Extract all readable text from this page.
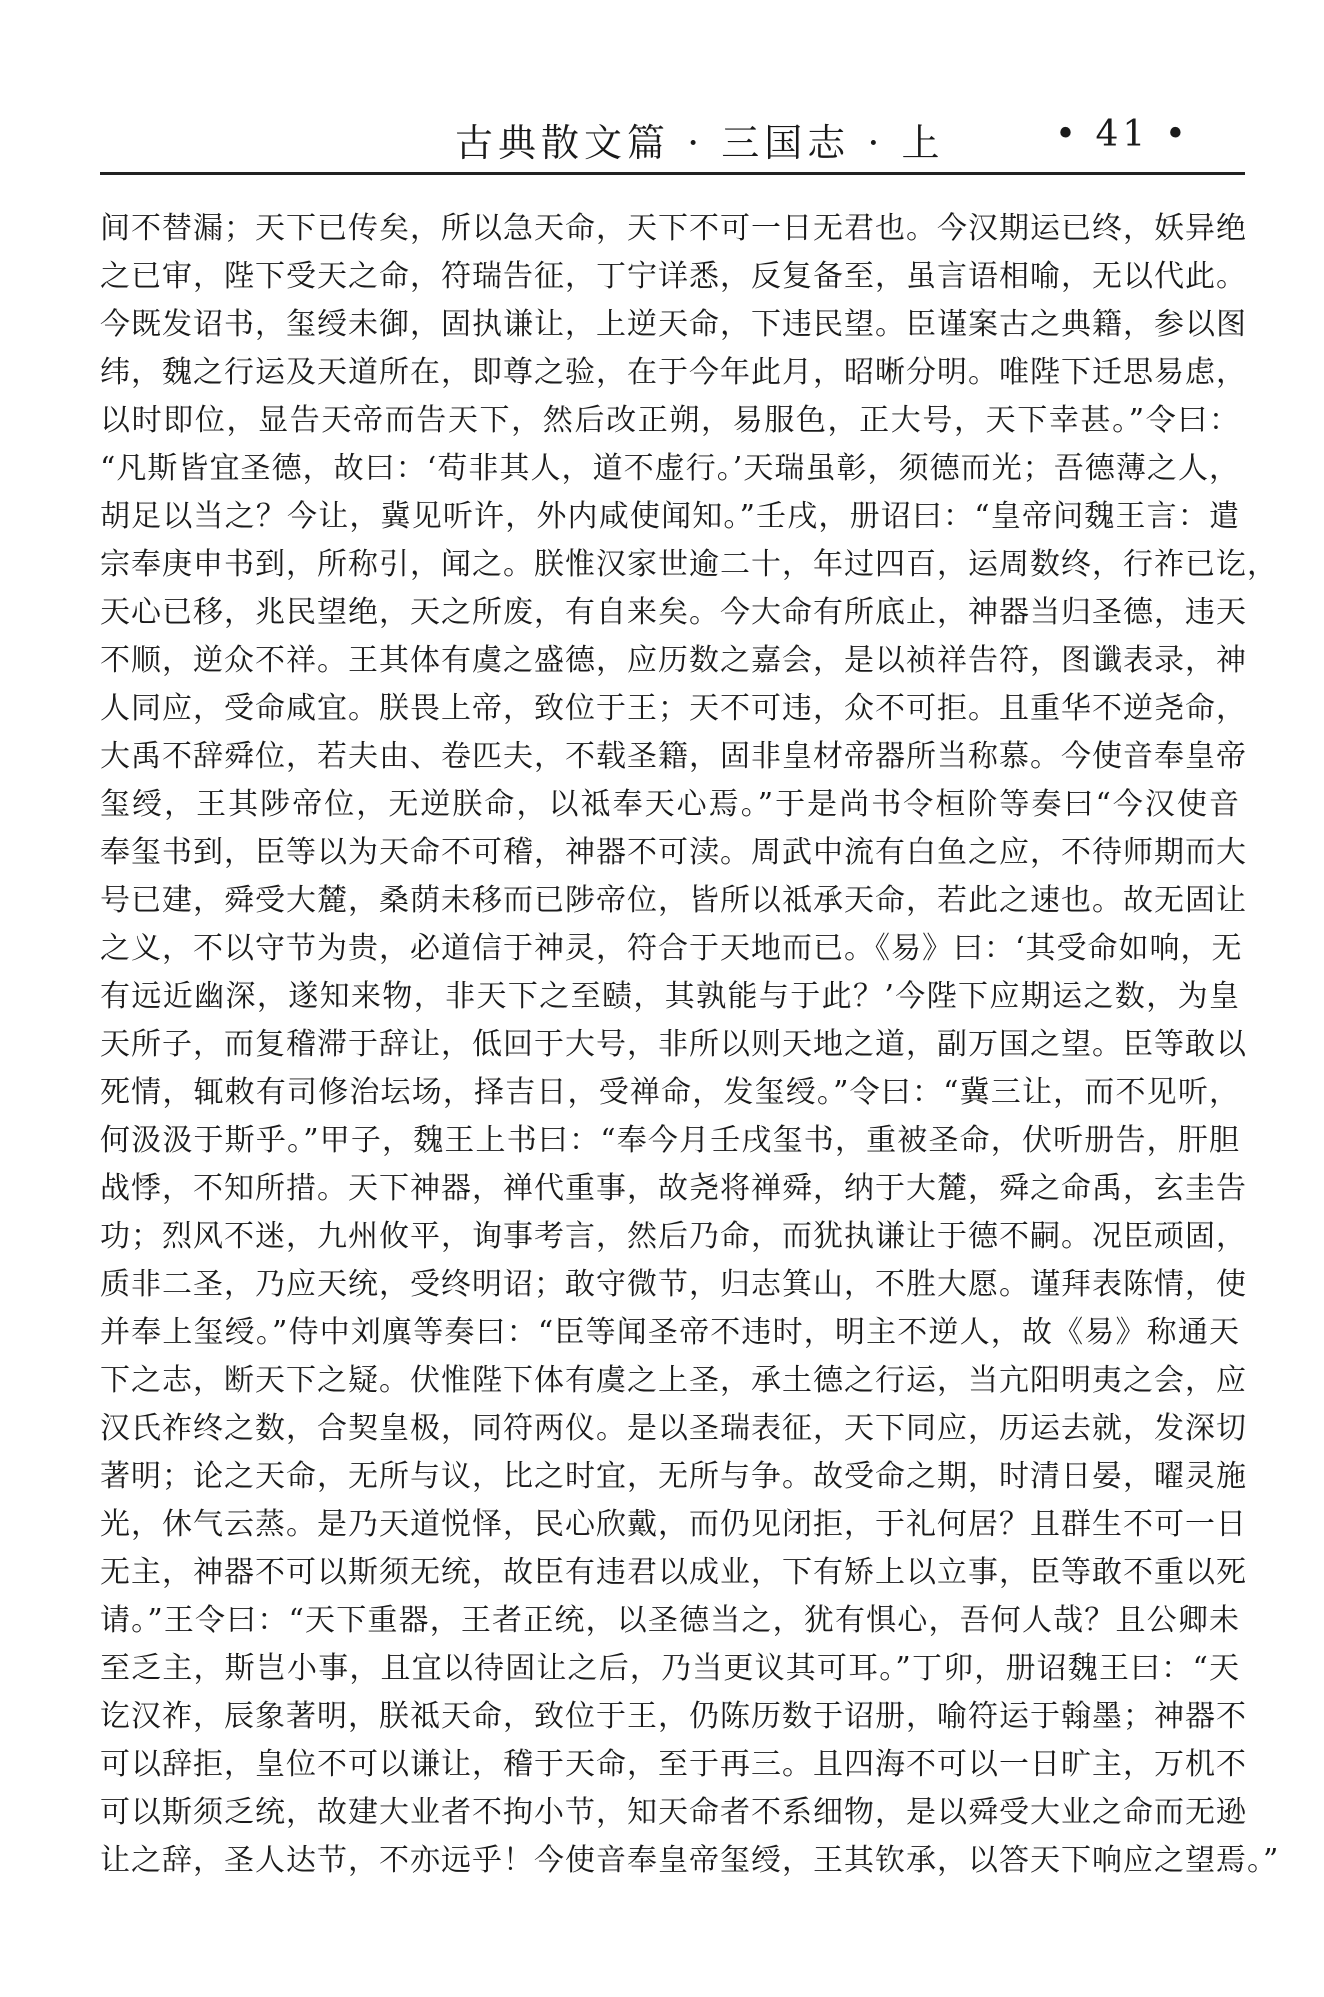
古典散文篇 · 三国志 · 上	• 41 •
间不替漏；天下已传矣，所以急天命，天下不可一日无君也。今汉期运已终，妖异绝
之已审，陛下受天之命，符瑞告征，丁宁详悉，反复备至，虽言语相喻，无以代此。
今既发诏书，玺绶未御，固执谦让，上逆天命，下违民望。臣谨案古之典籍，参以图
纬，魏之行运及天道所在，即尊之验，在于今年此月，昭晰分明。唯陛下迁思易虑，
以时即位，显告天帝而告天下，然后改正朔，易服色，正大号，天下幸甚。”令曰：
“凡斯皆宜圣德，故曰：‘苟非其人，道不虚行。’天瑞虽彰，须德而光；吾德薄之人，
胡足以当之？今让，冀见听许，外内咸使闻知。”壬戌，册诏曰：“皇帝问魏王言：遣
宗奉庚申书到，所称引，闻之。朕惟汉家世逾二十，年过四百，运周数终，行祚已讫，
天心已移，兆民望绝，天之所废，有自来矣。今大命有所底止，神器当归圣德，违天
不顺，逆众不祥。王其体有虞之盛德，应历数之嘉会，是以祯祥告符，图谶表录，神
人同应，受命咸宜。朕畏上帝，致位于王；天不可违，众不可拒。且重华不逆尧命，
大禹不辞舜位，若夫由、卷匹夫，不载圣籍，固非皇材帝器所当称慕。今使音奉皇帝
玺绶，王其陟帝位，无逆朕命，以祗奉天心焉。”于是尚书令桓阶等奏曰“今汉使音
奉玺书到，臣等以为天命不可稽，神器不可渎。周武中流有白鱼之应，不待师期而大
号已建，舜受大麓，桑荫未移而已陟帝位，皆所以祗承天命，若此之速也。故无固让
之义，不以守节为贵，必道信于神灵，符合于天地而已。《易》曰：‘其受命如响，无
有远近幽深，遂知来物，非天下之至赜，其孰能与于此？’今陛下应期运之数，为皇
天所子，而复稽滞于辞让，低回于大号，非所以则天地之道，副万国之望。臣等敢以
死情，辄敕有司修治坛场，择吉日，受禅命，发玺绶。”令曰：“冀三让，而不见听，
何汲汲于斯乎。”甲子，魏王上书曰：“奉今月壬戌玺书，重被圣命，伏听册告，肝胆
战悸，不知所措。天下神器，禅代重事，故尧将禅舜，纳于大麓，舜之命禹，玄圭告
功；烈风不迷，九州攸平，询事考言，然后乃命，而犹执谦让于德不嗣。况臣顽固，
质非二圣，乃应天统，受终明诏；敢守微节，归志箕山，不胜大愿。谨拜表陈情，使
并奉上玺绶。”侍中刘廙等奏曰：“臣等闻圣帝不违时，明主不逆人，故《易》称通天
下之志，断天下之疑。伏惟陛下体有虞之上圣，承土德之行运，当亢阳明夷之会，应
汉氏祚终之数，合契皇极，同符两仪。是以圣瑞表征，天下同应，历运去就，发深切
著明；论之天命，无所与议，比之时宜，无所与争。故受命之期，时清日晏，曜灵施
光，休气云蒸。是乃天道悦怿，民心欣戴，而仍见闭拒，于礼何居？且群生不可一日
无主，神器不可以斯须无统，故臣有违君以成业，下有矫上以立事，臣等敢不重以死
请。”王令曰：“天下重器，王者正统，以圣德当之，犹有惧心，吾何人哉？且公卿未
至乏主，斯岂小事，且宜以待固让之后，乃当更议其可耳。”丁卯，册诏魏王曰：“天
讫汉祚，辰象著明，朕祗天命，致位于王，仍陈历数于诏册，喻符运于翰墨；神器不
可以辞拒，皇位不可以谦让，稽于天命，至于再三。且四海不可以一日旷主，万机不
可以斯须乏统，故建大业者不拘小节，知天命者不系细物，是以舜受大业之命而无逊
让之辞，圣人达节，不亦远乎！今使音奉皇帝玺绶，王其钦承，以答天下响应之望焉。”
